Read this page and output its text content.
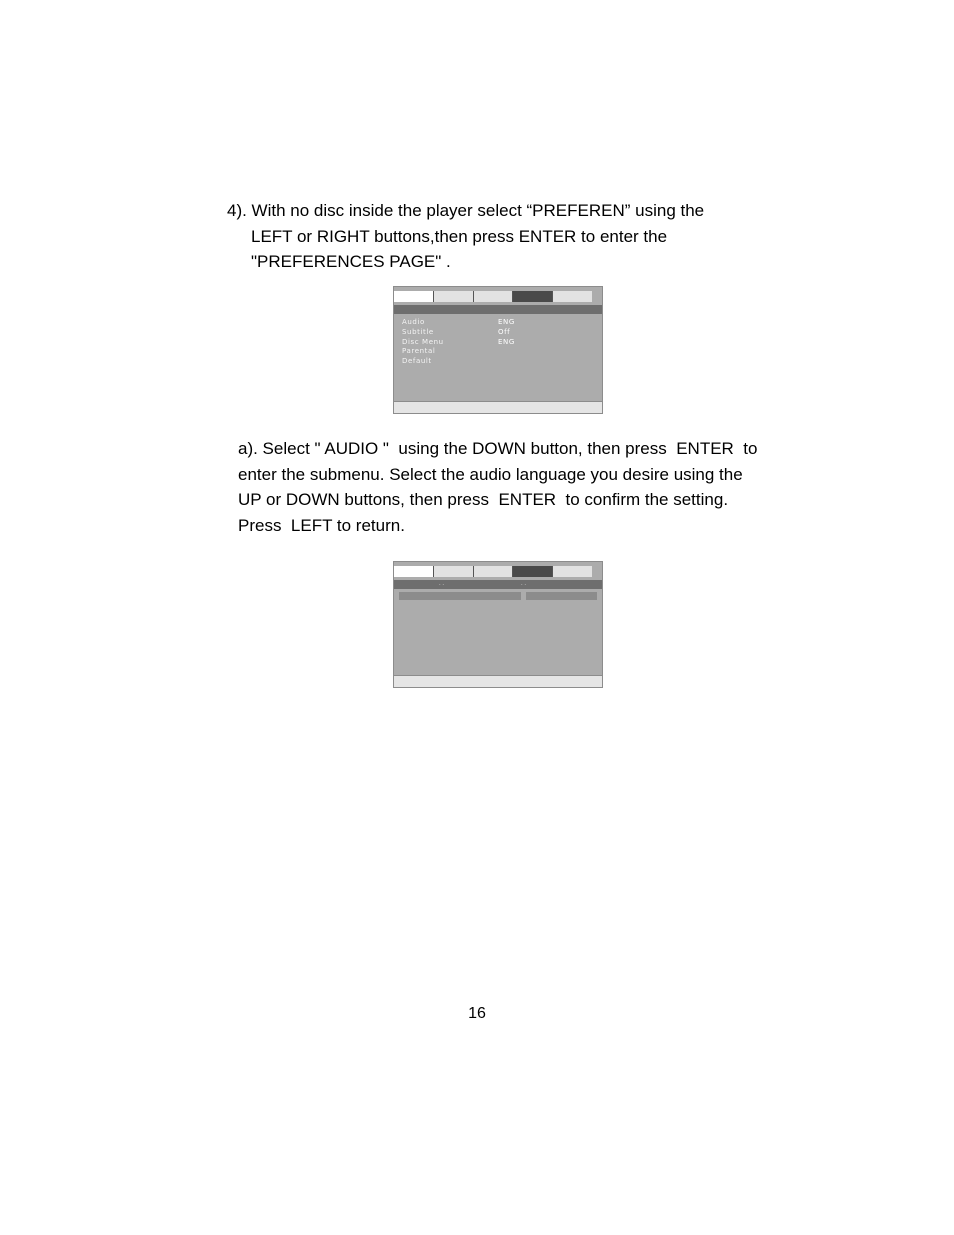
4). With no disc inside the player select “PREFEREN” using the
LEFT or RIGHT buttons,then press ENTER to enter the
"PREFERENCES PAGE" .
Audio
Subtitle
Disc Menu
Parental
Default
ENG
Off
ENG
a). Select " AUDIO "  using the DOWN button, then press  ENTER  to
enter the submenu. Select the audio language you desire using the
UP or DOWN buttons, then press  ENTER  to confirm the setting.
Press  LEFT to return.
. .	. .
16
